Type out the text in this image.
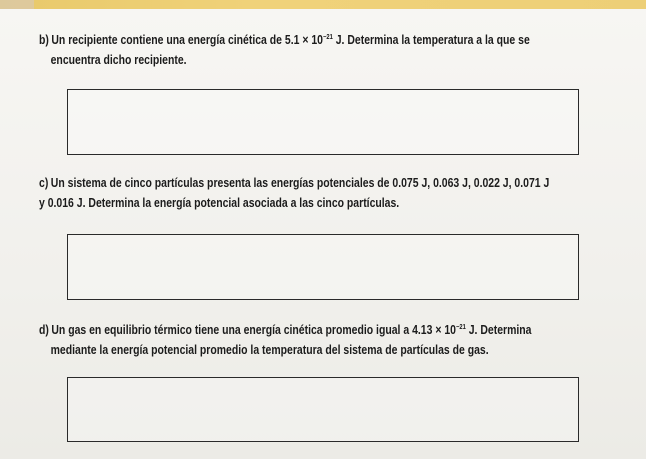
b) Un recipiente contiene una energía cinética de $5.1 \times 10^{-21}$ J. Determina la temperatura a la que se
encuentra dicho recipiente.
c) Un sistema de cinco partículas presenta las energías potenciales de 0.075 J, 0.063 J, 0.022 J, 0.071 J
y 0.016 J. Determina la energía potencial asociada a las cinco partículas.
d) Un gas en equilibrio térmico tiene una energía cinética promedio igual a $4.13 \times 10^{-21}$ J. Determina
mediante la energía potencial promedio la temperatura del sistema de partículas de gas.
